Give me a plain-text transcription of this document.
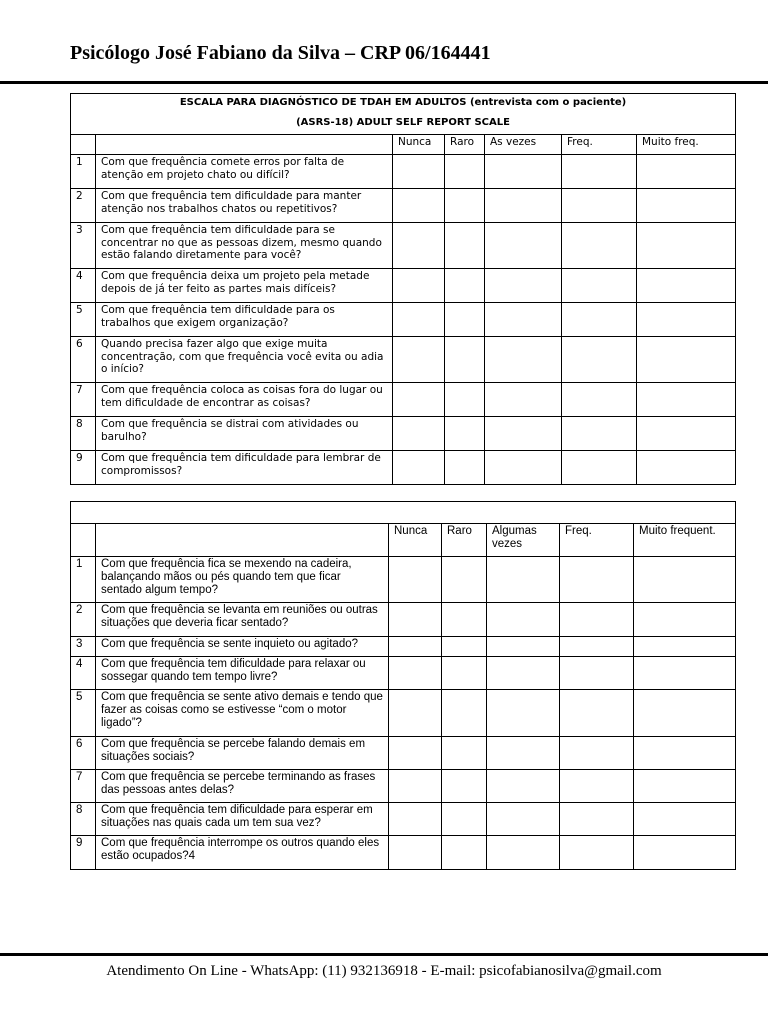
Psicólogo José Fabiano da Silva – CRP 06/164441
ESCALA PARA DIAGNÓSTICO DE TDAH EM ADULTOS (entrevista com o paciente)						
(ASRS-18) ADULT SELF REPORT SCALE						
		Nunca	Raro	As vezes	Freq.	Muito freq.
1	Com que frequência comete erros por falta de atenção em projeto chato ou difícil?					
2	Com que frequência tem dificuldade para manter atenção nos trabalhos chatos ou repetitivos?					
3	Com que frequência tem dificuldade para se concentrar no que as pessoas dizem, mesmo quando estão falando diretamente para você?					
4	Com que frequência deixa um projeto pela metade depois de já ter feito as partes mais difíceis?					
5	Com que frequência tem dificuldade para os trabalhos que exigem organização?					
6	Quando precisa fazer algo que exige muita concentração, com que frequência você evita ou adia o início?					
7	Com que frequência coloca as coisas fora do lugar ou tem dificuldade de encontrar as coisas?					
8	Com que frequência se distrai com atividades ou barulho?					
9	Com que frequência tem dificuldade para lembrar de compromissos?					

		Nunca	Raro	Algumas vezes	Freq.	Muito frequent.
1	Com que frequência fica se mexendo na cadeira, balançando mãos ou pés quando tem que ficar sentado algum tempo?					
2	Com que frequência se levanta em reuniões ou outras situações que deveria ficar sentado?					
3	Com que frequência se sente inquieto ou agitado?					
4	Com que frequência tem dificuldade para relaxar ou sossegar quando tem tempo livre?					
5	Com que frequência se sente ativo demais e tendo que fazer as coisas como se estivesse “com o motor ligado”?					
6	Com que frequência se percebe falando demais em situações sociais?					
7	Com que frequência se percebe terminando as frases das pessoas antes delas?					
8	Com que frequência tem dificuldade para esperar em situações nas quais cada um tem sua vez?					
9	Com que frequência interrompe os outros quando eles estão ocupados?4					
Atendimento On Line - WhatsApp: (11) 932136918 - E-mail: psicofabianosilva@gmail.com
